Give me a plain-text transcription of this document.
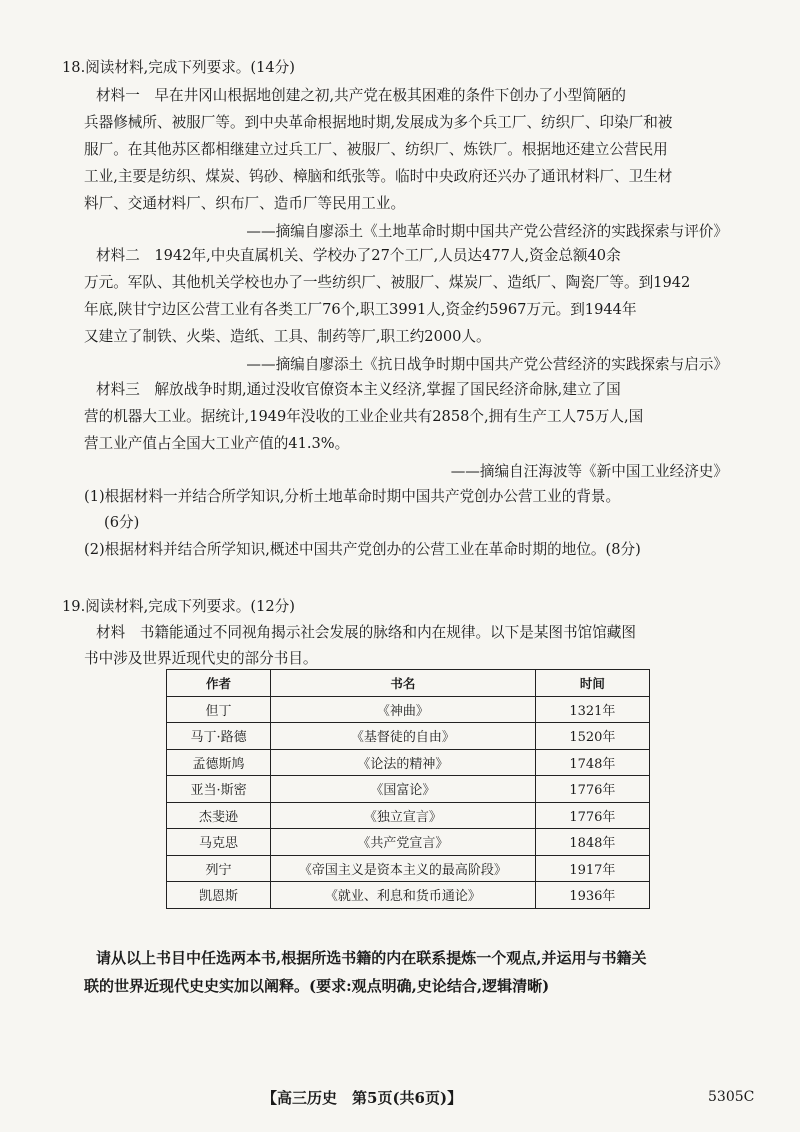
18.阅读材料,完成下列要求。(14分)
材料一　早在井冈山根据地创建之初,共产党在极其困难的条件下创办了小型简陋的
兵器修械所、被服厂等。到中央革命根据地时期,发展成为多个兵工厂、纺织厂、印染厂和被
服厂。在其他苏区都相继建立过兵工厂、被服厂、纺织厂、炼铁厂。根据地还建立公营民用
工业,主要是纺织、煤炭、钨砂、樟脑和纸张等。临时中央政府还兴办了通讯材料厂、卫生材
料厂、交通材料厂、织布厂、造币厂等民用工业。
——摘编自廖添土《土地革命时期中国共产党公营经济的实践探索与评价》
材料二　1942年,中央直属机关、学校办了27个工厂,人员达477人,资金总额40余
万元。军队、其他机关学校也办了一些纺织厂、被服厂、煤炭厂、造纸厂、陶瓷厂等。到1942
年底,陕甘宁边区公营工业有各类工厂76个,职工3991人,资金约5967万元。到1944年
又建立了制铁、火柴、造纸、工具、制药等厂,职工约2000人。
——摘编自廖添土《抗日战争时期中国共产党公营经济的实践探索与启示》
材料三　解放战争时期,通过没收官僚资本主义经济,掌握了国民经济命脉,建立了国
营的机器大工业。据统计,1949年没收的工业企业共有2858个,拥有生产工人75万人,国
营工业产值占全国大工业产值的41.3%。
——摘编自汪海波等《新中国工业经济史》
(1)根据材料一并结合所学知识,分析土地革命时期中国共产党创办公营工业的背景。
(6分)
(2)根据材料并结合所学知识,概述中国共产党创办的公营工业在革命时期的地位。(8分)
19.阅读材料,完成下列要求。(12分)
材料　书籍能通过不同视角揭示社会发展的脉络和内在规律。以下是某图书馆馆藏图
书中涉及世界近现代史的部分书目。
作者	书名	时间
但丁	《神曲》	1321年
马丁·路德	《基督徒的自由》	1520年
孟德斯鸠	《论法的精神》	1748年
亚当·斯密	《国富论》	1776年
杰斐逊	《独立宣言》	1776年
马克思	《共产党宣言》	1848年
列宁	《帝国主义是资本主义的最高阶段》	1917年
凯恩斯	《就业、利息和货币通论》	1936年
请从以上书目中任选两本书,根据所选书籍的内在联系提炼一个观点,并运用与书籍关
联的世界近现代史史实加以阐释。(要求:观点明确,史论结合,逻辑清晰)
【高三历史　第5页(共6页)】	5305C
